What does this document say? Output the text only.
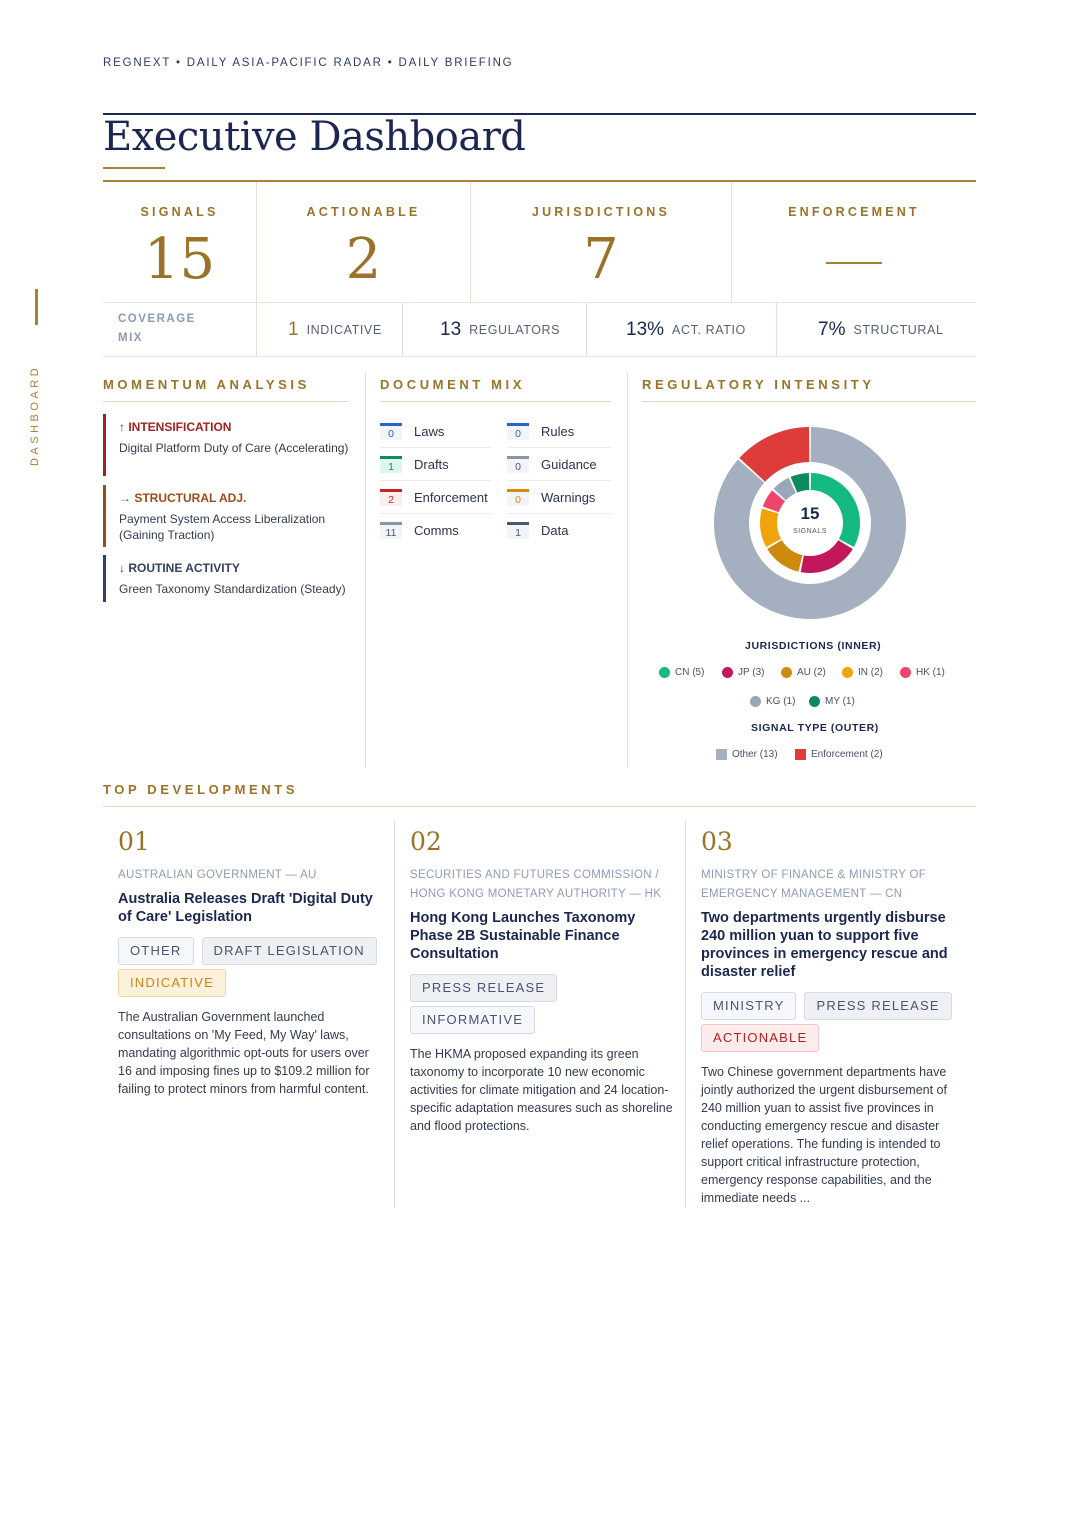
REGNEXT • DAILY ASIA-PACIFIC RADAR • DAILY BRIEFING
DASHBOARD
Executive Dashboard
SIGNALS
15
ACTIONABLE
2
JURISDICTIONS
7
ENFORCEMENT
COVERAGE
MIX	1 INDICATIVE	13 REGULATORS	13% ACT. RATIO	7% STRUCTURAL
MOMENTUM ANALYSIS
↑ INTENSIFICATION
Digital Platform Duty of Care (Accelerating)
→ STRUCTURAL ADJ.
Payment System Access Liberalization (Gaining Traction)
↓ ROUTINE ACTIVITY
Green Taxonomy Standardization (Steady)
DOCUMENT MIX
0	Laws	0	Rules
1	Drafts	0	Guidance
2	Enforcement	0	Warnings
11	Comms	1	Data
REGULATORY INTENSITY
15
SIGNALS
JURISDICTIONS (INNER)
CN (5)	JP (3)	AU (2)	IN (2)	HK (1)
KG (1)	MY (1)
SIGNAL TYPE (OUTER)
Other (13)	Enforcement (2)
TOP DEVELOPMENTS
01
AUSTRALIAN GOVERNMENT — AU
Australia Releases Draft 'Digital Duty of Care' Legislation
OTHER	DRAFT LEGISLATION
INDICATIVE
The Australian Government launched consultations on 'My Feed, My Way' laws, mandating algorithmic opt-outs for users over 16 and imposing fines up to $109.2 million for failing to protect minors from harmful content.
02
SECURITIES AND FUTURES COMMISSION / HONG KONG MONETARY AUTHORITY — HK
Hong Kong Launches Taxonomy Phase 2B Sustainable Finance Consultation
PRESS RELEASE
INFORMATIVE
The HKMA proposed expanding its green taxonomy to incorporate 10 new economic activities for climate mitigation and 24 location-specific adaptation measures such as shoreline and flood protections.
03
MINISTRY OF FINANCE & MINISTRY OF EMERGENCY MANAGEMENT — CN
Two departments urgently disburse 240 million yuan to support five provinces in emergency rescue and disaster relief
MINISTRY	PRESS RELEASE
ACTIONABLE
Two Chinese government departments have jointly authorized the urgent disbursement of 240 million yuan to assist five provinces in conducting emergency rescue and disaster relief operations. The funding is intended to support critical infrastructure protection, emergency response capabilities, and the immediate needs ...
